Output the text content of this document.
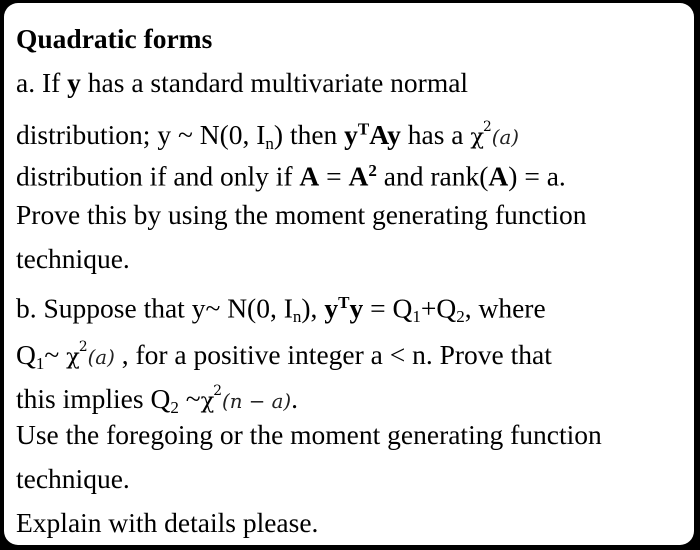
Quadratic forms
a. If y has a standard multivariate normal
distribution; y ~ N(0, $I_n$) then $y^TAy$ has a $\chi^2(a)$
distribution if and only if $A = A^2$ and rank(A) = a.
Prove this by using the moment generating function
technique.
b. Suppose that y~ N(0, $I_n$), $y^Ty = Q_1+Q_2$, where
$Q_1\sim$ $\chi^2(a)$ , for a positive integer a < n. Prove that
this implies $Q_2$ $\sim\chi^2(n - a)$.
Use the foregoing or the moment generating function
technique.
Explain with details please.
